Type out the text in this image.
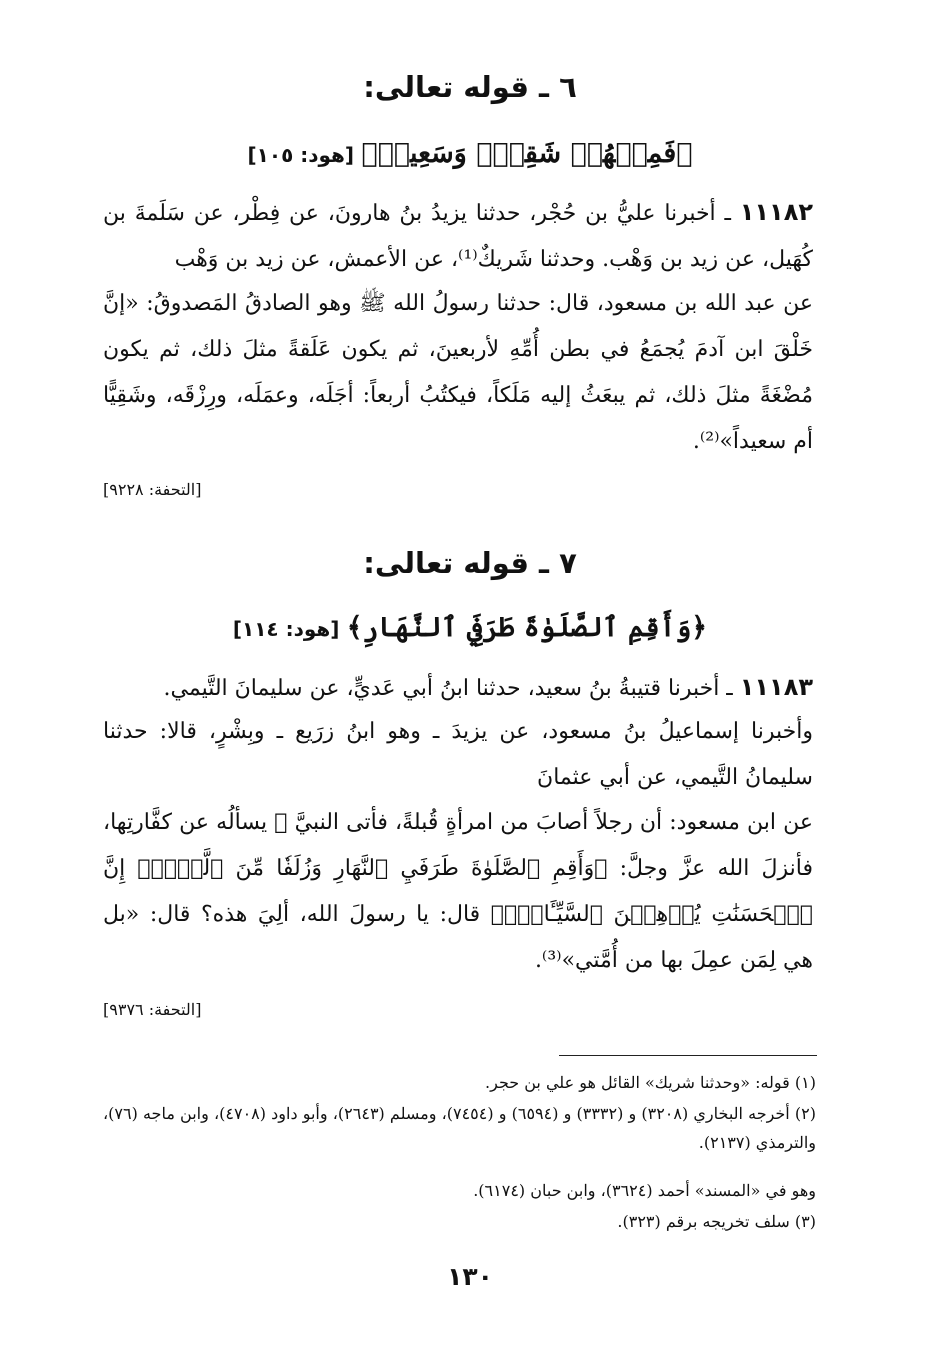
٦ ـ قوله تعالى:
﴿فَمِنۡهُمۡ شَقِيّٞ وَسَعِيدٞ﴾ [هود: ١٠٥]
١١١٨٢ ـ أخبرنا عليُّ بن حُجْر، حدثنا يزيدُ بنُ هارونَ، عن فِطْر، عن سَلَمةَ بن كُهَيل، عن زيد بن وَهْب. وحدثنا شَريكٌ⁽¹⁾، عن الأعمش، عن زيد بن وَهْب
عن عبد الله بن مسعود، قال: حدثنا رسولُ الله ﷺ وهو الصادقُ المَصدوقُ: «إنَّ خَلْقَ ابن آدمَ يُجمَعُ في بطن أُمِّهِ لأربعينَ، ثم يكون عَلَقةً مثلَ ذلك، ثم يكون مُضْغَةً مثلَ ذلك، ثم يبعَثُ إليه مَلَكاً، فيكتُبُ أربعاً: أجَلَه، وعمَلَه، ورِزْقَه، وشَقِيًّا أم سعيداً»⁽²⁾.
[التحفة: ٩٢٢٨]
٧ ـ قوله تعالى:
﴿وَأَقِمِ ٱلصَّلَوٰةَ طَرَفَيِ ٱلنَّهَارِ﴾ [هود: ١١٤]
١١١٨٣ ـ أخبرنا قتيبةُ بنُ سعيد، حدثنا ابنُ أبي عَديٍّ، عن سليمانَ التَّيمي.
وأخبرنا إسماعيلُ بنُ مسعود، عن يزيدَ ـ وهو ابنُ زرَيع ـ وبِشْرٍ، قالا: حدثنا سليمانُ التَّيمي، عن أبي عثمانَ
عن ابن مسعود: أن رجلاً أصابَ من امرأةٍ قُبلةً، فأتى النبيَّ ﷺ يسألُه عن كفَّارتِها، فأنزلَ الله عزَّ وجلَّ: ﴿وَأَقِمِ ٱلصَّلَوٰةَ طَرَفَيِ ٱلنَّهَارِ وَزُلَفٗا مِّنَ ٱلَّيۡلِۚ إِنَّ ٱلۡحَسَنَٰتِ يُذۡهِبۡنَ ٱلسَّيِّـَٔاتِۚ﴾ قال: يا رسولَ الله، ألِيَ هذه؟ قال: «بل هي لِمَن عمِلَ بها من أُمَّتي»⁽³⁾.
[التحفة: ٩٣٧٦]
(١) قوله: «وحدثنا شريك» القائل هو علي بن حجر.
(٢) أخرجه البخاري (٣٢٠٨) و (٣٣٣٢) و (٦٥٩٤) و (٧٤٥٤)، ومسلم (٢٦٤٣)، وأبو داود (٤٧٠٨)، وابن ماجه (٧٦)، والترمذي (٢١٣٧).
وهو في «المسند» أحمد (٣٦٢٤)، وابن حبان (٦١٧٤).
(٣) سلف تخريجه برقم (٣٢٣).
١٣٠
